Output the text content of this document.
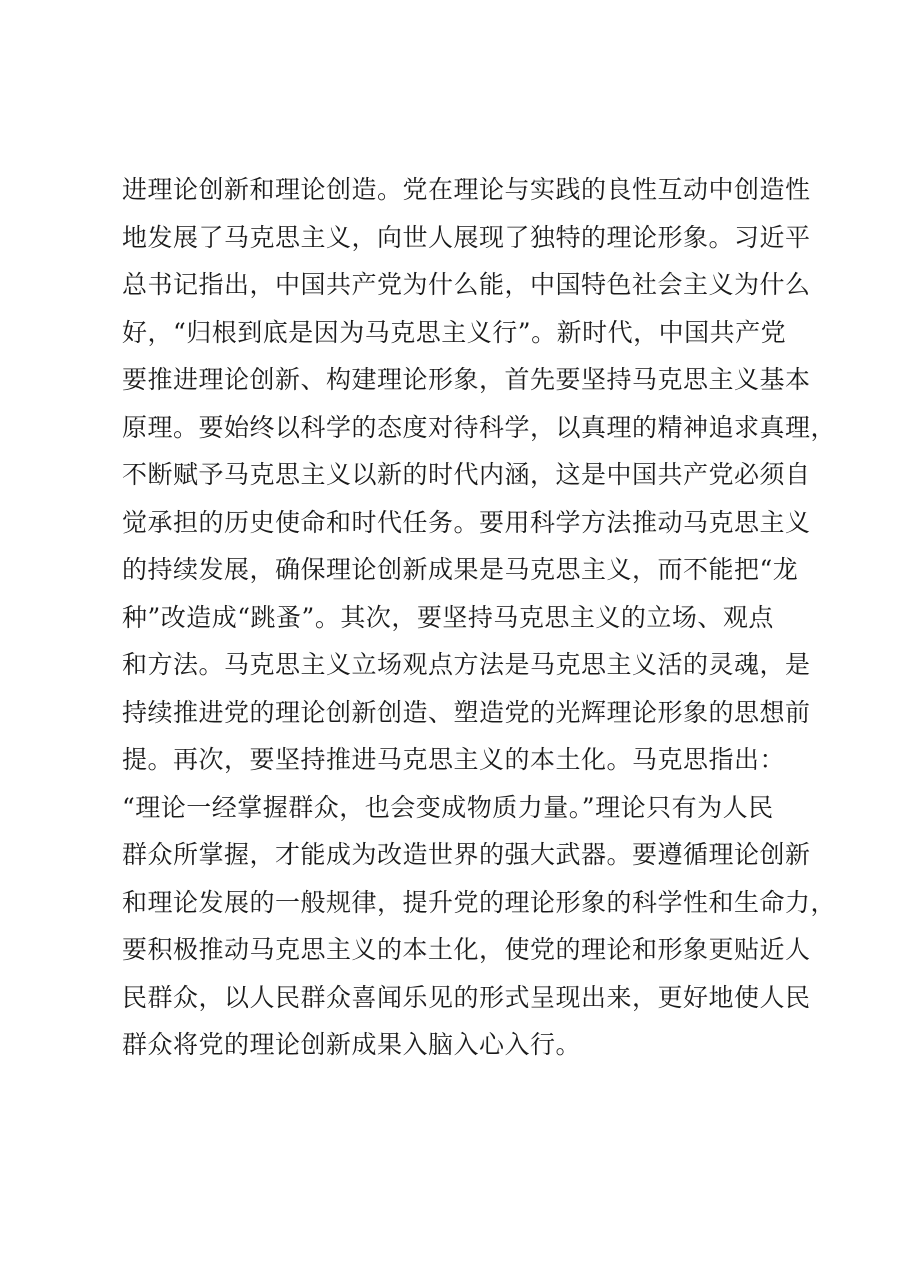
进理论创新和理论创造。党在理论与实践的良性互动中创造性
地发展了马克思主义，向世人展现了独特的理论形象。习近平
总书记指出，中国共产党为什么能，中国特色社会主义为什么
好，“归根到底是因为马克思主义行”。新时代，中国共产党
要推进理论创新、构建理论形象，首先要坚持马克思主义基本
原理。要始终以科学的态度对待科学，以真理的精神追求真理，
不断赋予马克思主义以新的时代内涵，这是中国共产党必须自
觉承担的历史使命和时代任务。要用科学方法推动马克思主义
的持续发展，确保理论创新成果是马克思主义，而不能把“龙
种”改造成“跳蚤”。其次，要坚持马克思主义的立场、观点
和方法。马克思主义立场观点方法是马克思主义活的灵魂，是
持续推进党的理论创新创造、塑造党的光辉理论形象的思想前
提。再次，要坚持推进马克思主义的本土化。马克思指出：
“理论一经掌握群众，也会变成物质力量。”理论只有为人民
群众所掌握，才能成为改造世界的强大武器。要遵循理论创新
和理论发展的一般规律，提升党的理论形象的科学性和生命力，
要积极推动马克思主义的本土化，使党的理论和形象更贴近人
民群众，以人民群众喜闻乐见的形式呈现出来，更好地使人民
群众将党的理论创新成果入脑入心入行。
